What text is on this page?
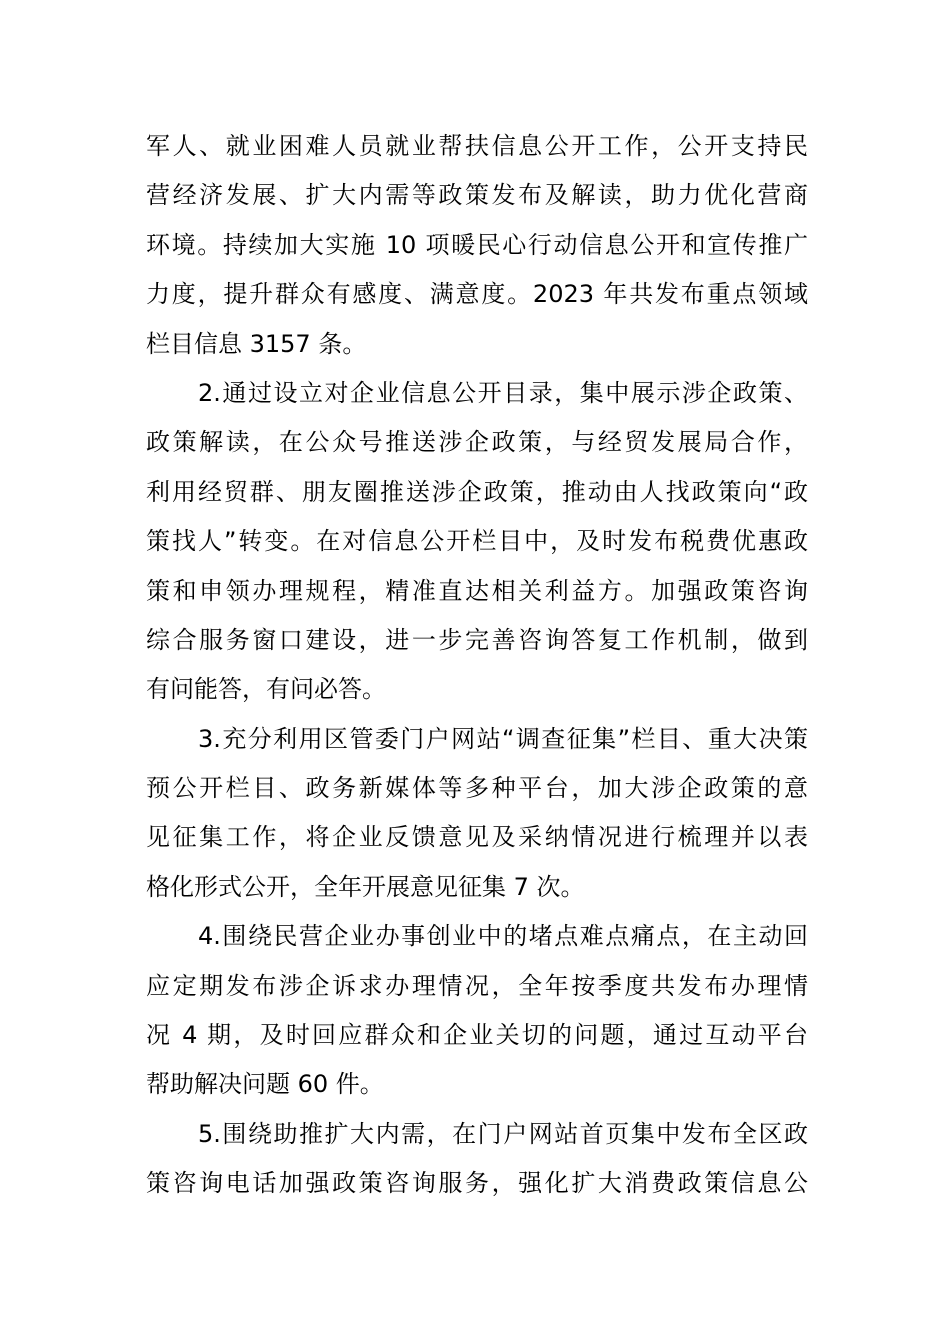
军人、就业困难人员就业帮扶信息公开工作，公开支持民
营经济发展、扩大内需等政策发布及解读，助力优化营商
环境。持续加大实施 10 项暖民心行动信息公开和宣传推广
力度，提升群众有感度、满意度。2023 年共发布重点领域
栏目信息 3157 条。
2.通过设立对企业信息公开目录，集中展示涉企政策、
政策解读，在公众号推送涉企政策，与经贸发展局合作，
利用经贸群、朋友圈推送涉企政策，推动由人找政策向“政
策找人”转变。在对信息公开栏目中，及时发布税费优惠政
策和申领办理规程，精准直达相关利益方。加强政策咨询
综合服务窗口建设，进一步完善咨询答复工作机制，做到
有问能答，有问必答。
3.充分利用区管委门户网站“调查征集”栏目、重大决策
预公开栏目、政务新媒体等多种平台，加大涉企政策的意
见征集工作，将企业反馈意见及采纳情况进行梳理并以表
格化形式公开，全年开展意见征集 7 次。
4.围绕民营企业办事创业中的堵点难点痛点，在主动回
应定期发布涉企诉求办理情况，全年按季度共发布办理情
况 4 期，及时回应群众和企业关切的问题，通过互动平台
帮助解决问题 60 件。
5.围绕助推扩大内需，在门户网站首页集中发布全区政
策咨询电话加强政策咨询服务，强化扩大消费政策信息公
